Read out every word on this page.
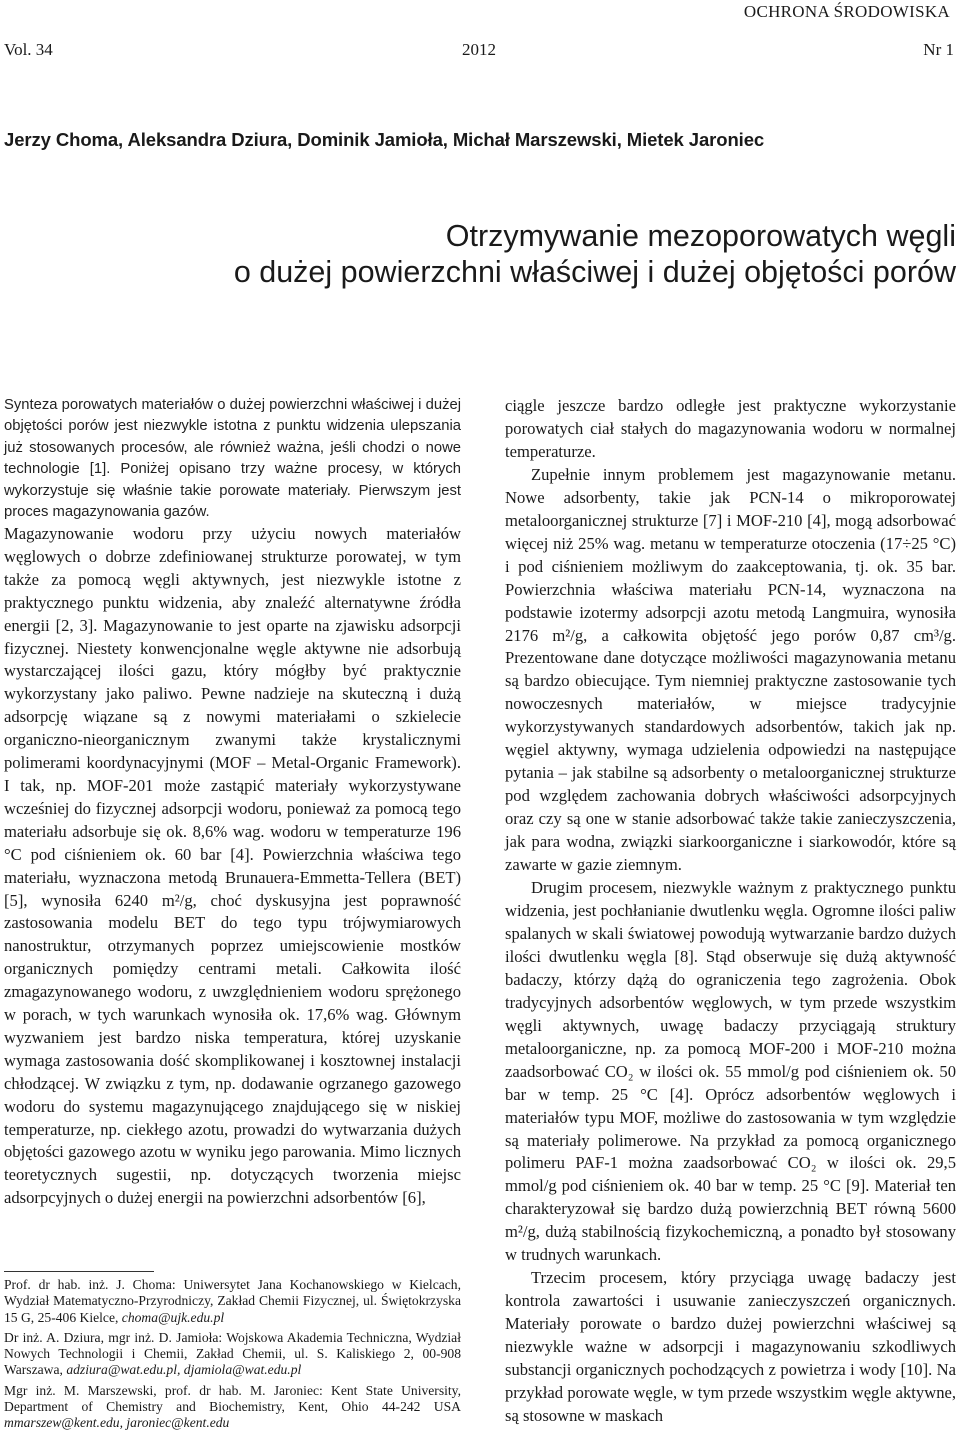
OCHRONA ŚRODOWISKA
Vol. 34	2012	Nr 1
Jerzy Choma, Aleksandra Dziura, Dominik Jamioła, Michał Marszewski, Mietek Jaroniec
Otrzymywanie mezoporowatych węgli
o dużej powierzchni właściwej i dużej objętości porów
Synteza porowatych materiałów o dużej powierzchni właściwej i dużej objętości porów jest niezwykle istotna z punktu widzenia ulepszania już stosowanych procesów, ale również ważna, jeśli chodzi o nowe technologie [1]. Poniżej opisano trzy ważne procesy, w których wykorzystuje się właśnie takie porowate materiały. Pierwszym jest proces magazynowania gazów.

Magazynowanie wodoru przy użyciu nowych materiałów węglowych o dobrze zdefiniowanej strukturze porowatej, w tym także za pomocą węgli aktywnych, jest niezwykle istotne z praktycznego punktu widzenia, aby znaleźć alternatywne źródła energii [2, 3]. Magazynowanie to jest oparte na zjawisku adsorpcji fizycznej. Niestety konwencjonalne węgle aktywne nie adsorbują wystarczającej ilości gazu, który mógłby być praktycznie wykorzystany jako paliwo. Pewne nadzieje na skuteczną i dużą adsorpcję wiązane są z nowymi materiałami o szkielecie organiczno-nieorganicznym zwanymi także krystalicznymi polimerami koordynacyjnymi (MOF – Metal-Organic Framework). I tak, np. MOF-201 może zastąpić materiały wykorzystywane wcześniej do fizycznej adsorpcji wodoru, ponieważ za pomocą tego materiału adsorbuje się ok. 8,6% wag. wodoru w temperaturze 196 °C pod ciśnieniem ok. 60 bar [4]. Powierzchnia właściwa tego materiału, wyznaczona metodą Brunauera-Emmetta-Tellera (BET) [5], wynosiła 6240 m²/g, choć dyskusyjna jest poprawność zastosowania modelu BET do tego typu trójwymiarowych nanostruktur, otrzymanych poprzez umiejscowienie mostków organicznych pomiędzy centrami metali. Całkowita ilość zmagazynowanego wodoru, z uwzględnieniem wodoru sprężonego w porach, w tych warunkach wynosiła ok. 17,6% wag. Głównym wyzwaniem jest bardzo niska temperatura, której uzyskanie wymaga zastosowania dość skomplikowanej i kosztownej instalacji chłodzącej. W związku z tym, np. dodawanie ogrzanego gazowego wodoru do systemu magazynującego znajdującego się w niskiej temperaturze, np. ciekłego azotu, prowadzi do wytwarzania dużych objętości gazowego azotu w wyniku jego parowania. Mimo licznych teoretycznych sugestii, np. dotyczących tworzenia miejsc adsorpcyjnych o dużej energii na powierzchni adsorbentów [6],

Prof. dr hab. inż. J. Choma: Uniwersytet Jana Kochanowskiego w Kielcach, Wydział Matematyczno-Przyrodniczy, Zakład Chemii Fizycznej, ul. Świętokrzyska 15 G, 25-406 Kielce, choma@ujk.edu.pl

Dr inż. A. Dziura, mgr inż. D. Jamioła: Wojskowa Akademia Techniczna, Wydział Nowych Technologii i Chemii, Zakład Chemii, ul. S. Kaliskiego 2, 00-908 Warszawa, adziura@wat.edu.pl, djamiola@wat.edu.pl

Mgr inż. M. Marszewski, prof. dr hab. M. Jaroniec: Kent State University, Department of Chemistry and Biochemistry, Kent, Ohio 44-242 USA mmarszew@kent.edu, jaroniec@kent.edu

ciągle jeszcze bardzo odległe jest praktyczne wykorzystanie porowatych ciał stałych do magazynowania wodoru w normalnej temperaturze.

Zupełnie innym problemem jest magazynowanie metanu. Nowe adsorbenty, takie jak PCN-14 o mikroporowatej metaloorganicznej strukturze [7] i MOF-210 [4], mogą adsorbować więcej niż 25% wag. metanu w temperaturze otoczenia (17÷25 °C) i pod ciśnieniem możliwym do zaakceptowania, tj. ok. 35 bar. Powierzchnia właściwa materiału PCN-14, wyznaczona na podstawie izotermy adsorpcji azotu metodą Langmuira, wynosiła 2176 m²/g, a całkowita objętość jego porów 0,87 cm³/g. Prezentowane dane dotyczące możliwości magazynowania metanu są bardzo obiecujące. Tym niemniej praktyczne zastosowanie tych nowoczesnych materiałów, w miejsce tradycyjnie wykorzystywanych standardowych adsorbentów, takich jak np. węgiel aktywny, wymaga udzielenia odpowiedzi na następujące pytania – jak stabilne są adsorbenty o metaloorganicznej strukturze pod względem zachowania dobrych właściwości adsorpcyjnych oraz czy są one w stanie adsorbować także takie zanieczyszczenia, jak para wodna, związki siarkoorganiczne i siarkowodór, które są zawarte w gazie ziemnym.

Drugim procesem, niezwykle ważnym z praktycznego punktu widzenia, jest pochłanianie dwutlenku węgla. Ogromne ilości paliw spalanych w skali światowej powodują wytwarzanie bardzo dużych ilości dwutlenku węgla [8]. Stąd obserwuje się dużą aktywność badaczy, którzy dążą do ograniczenia tego zagrożenia. Obok tradycyjnych adsorbentów węglowych, w tym przede wszystkim węgli aktywnych, uwagę badaczy przyciągają struktury metaloorganiczne, np. za pomocą MOF-200 i MOF-210 można zaadsorbować CO₂ w ilości ok. 55 mmol/g pod ciśnieniem ok. 50 bar w temp. 25 °C [4]. Oprócz adsorbentów węglowych i materiałów typu MOF, możliwe do zastosowania w tym względzie są materiały polimerowe. Na przykład za pomocą organicznego polimeru PAF-1 można zaadsorbować CO₂ w ilości ok. 29,5 mmol/g pod ciśnieniem ok. 40 bar w temp. 25 °C [9]. Materiał ten charakteryzował się bardzo dużą powierzchnią BET równą 5600 m²/g, dużą stabilnością fizykochemiczną, a ponadto był stosowany w trudnych warunkach.

Trzecim procesem, który przyciąga uwagę badaczy jest kontrola zawartości i usuwanie zanieczyszczeń organicznych. Materiały porowate o bardzo dużej powierzchni właściwej są niezwykle ważne w adsorpcji i magazynowaniu szkodliwych substancji organicznych pochodzących z powietrza i wody [10]. Na przykład porowate węgle, w tym przede wszystkim węgle aktywne, są stosowne w maskach
